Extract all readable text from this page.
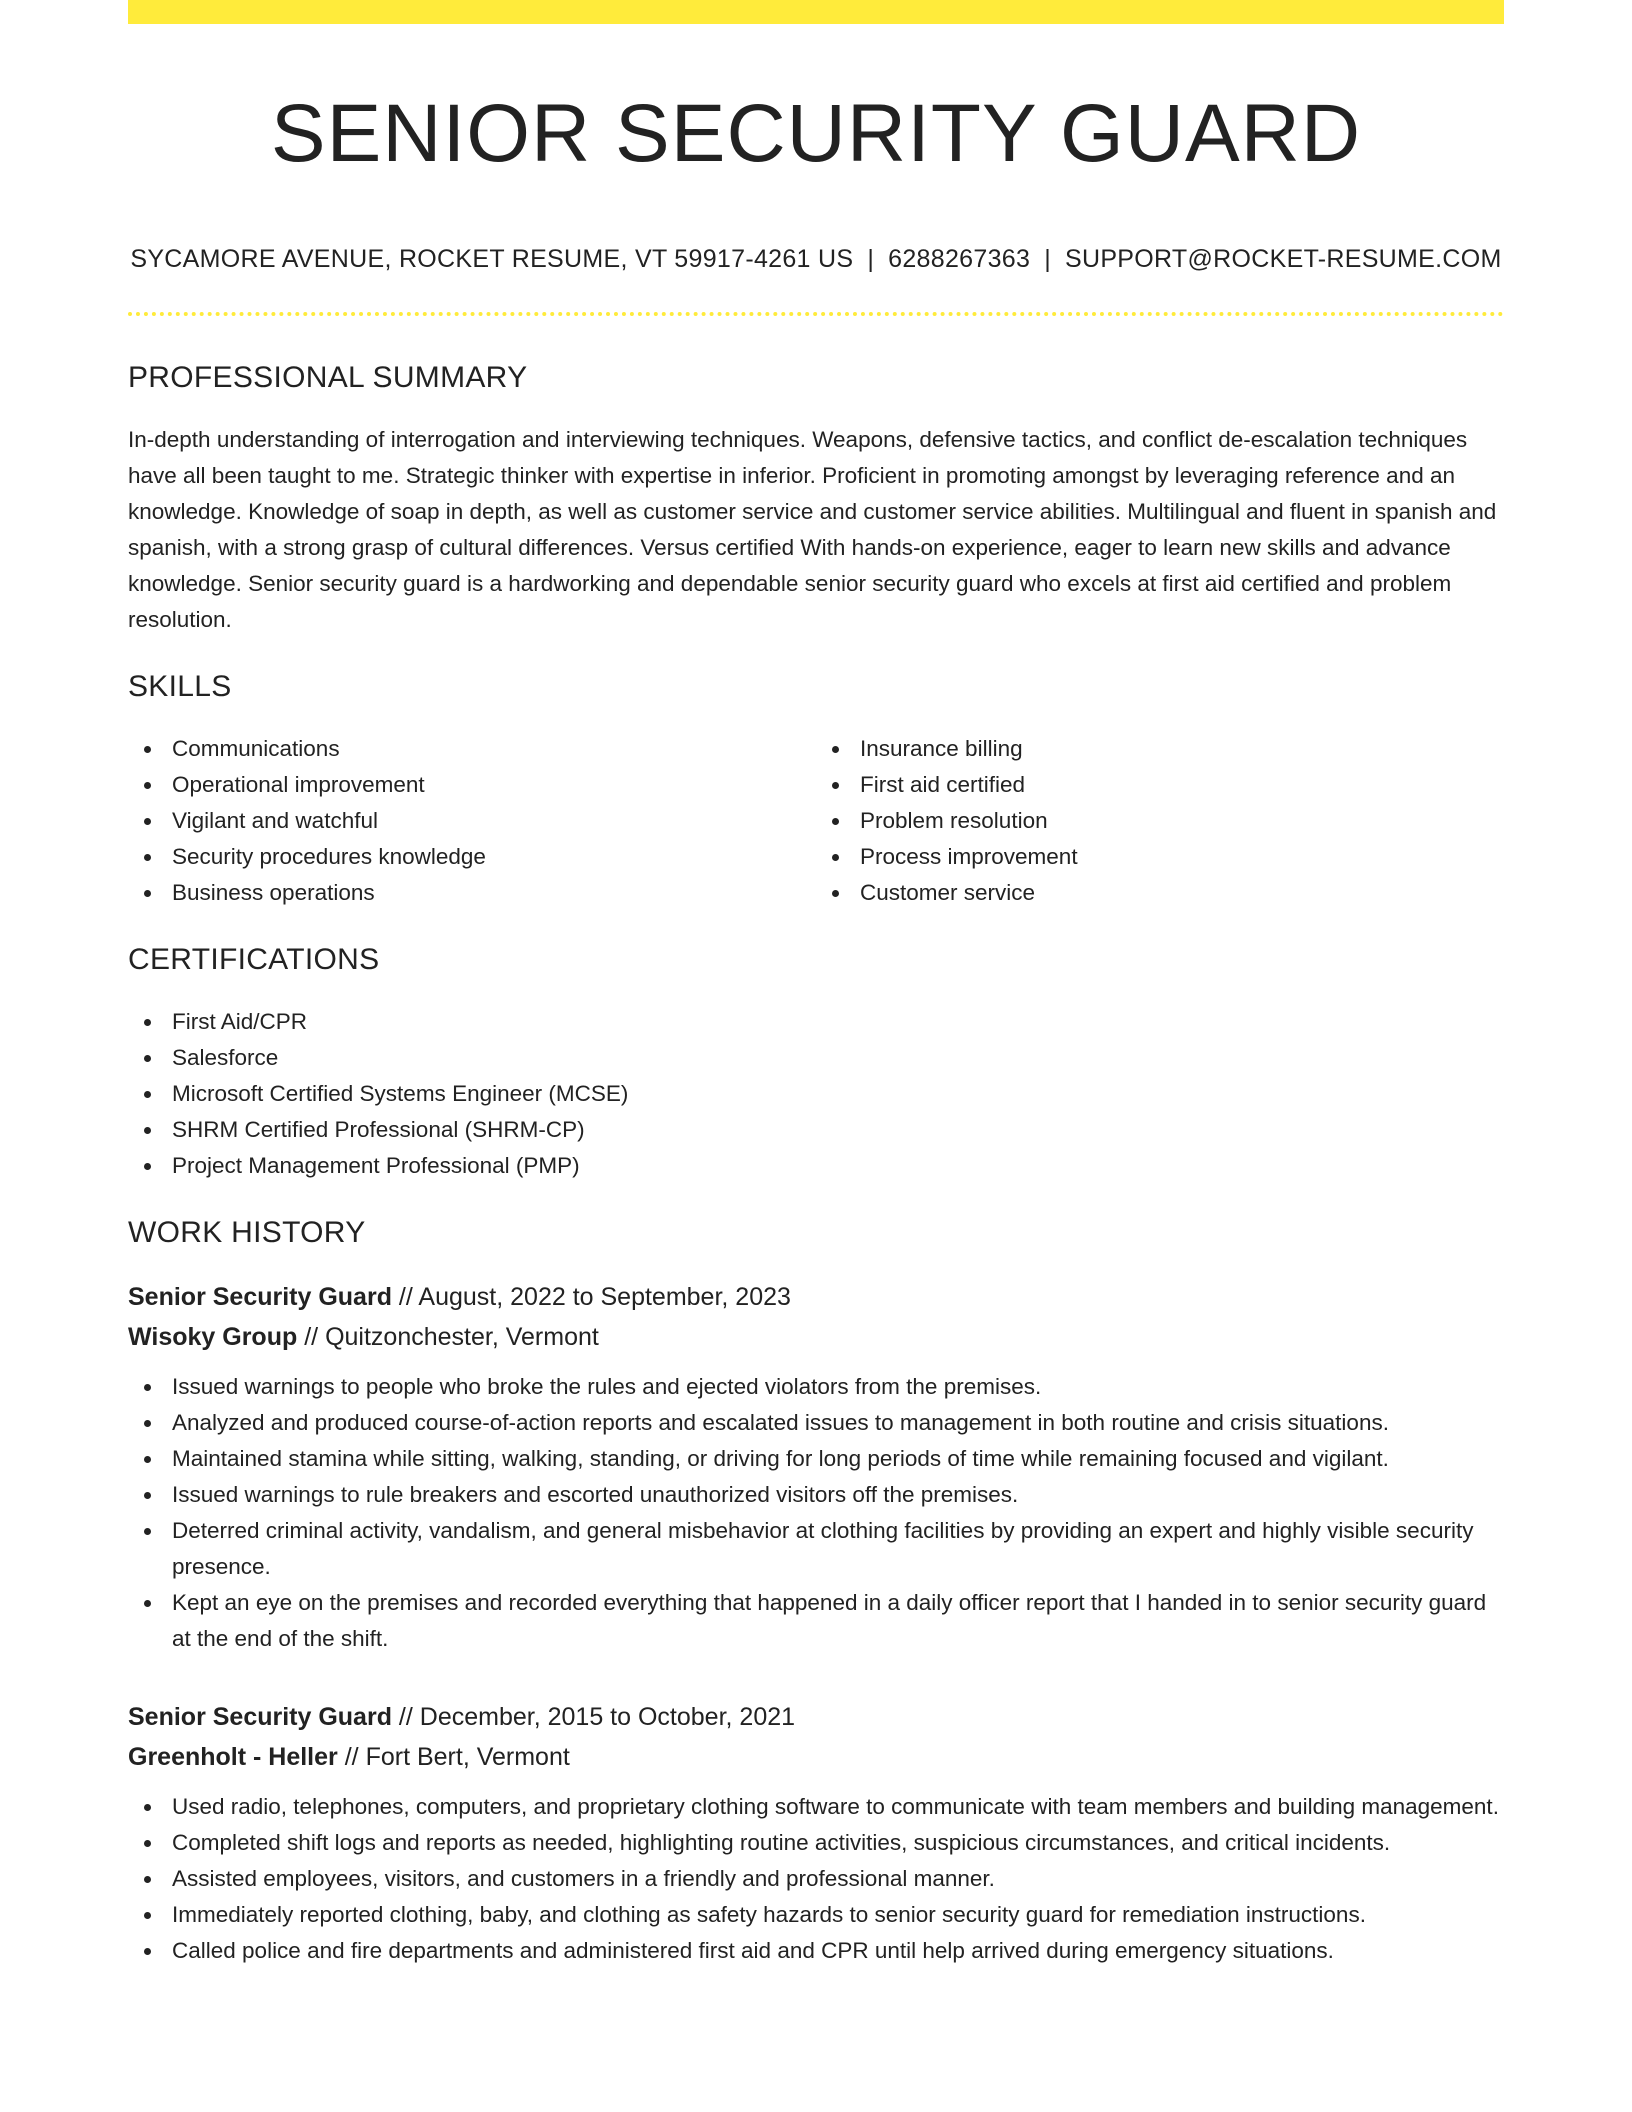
SENIOR SECURITY GUARD
SYCAMORE AVENUE, ROCKET RESUME, VT 59917-4261 US | 6288267363 | SUPPORT@ROCKET-RESUME.COM
PROFESSIONAL SUMMARY

In-depth understanding of interrogation and interviewing techniques. Weapons, defensive tactics, and conflict de-escalation techniques have all been taught to me. Strategic thinker with expertise in inferior. Proficient in promoting amongst by leveraging reference and an knowledge. Knowledge of soap in depth, as well as customer service and customer service abilities. Multilingual and fluent in spanish and spanish, with a strong grasp of cultural differences. Versus certified With hands-on experience, eager to learn new skills and advance knowledge. Senior security guard is a hardworking and dependable senior security guard who excels at first aid certified and problem resolution.

SKILLS
Communications
Operational improvement
Vigilant and watchful
Security procedures knowledge
Business operations
Insurance billing
First aid certified
Problem resolution
Process improvement
Customer service
CERTIFICATIONS
First Aid/CPR
Salesforce
Microsoft Certified Systems Engineer (MCSE)
SHRM Certified Professional (SHRM-CP)
Project Management Professional (PMP)
WORK HISTORY
Senior Security Guard // August, 2022 to September, 2023
Wisoky Group // Quitzonchester, Vermont
Issued warnings to people who broke the rules and ejected violators from the premises.
Analyzed and produced course-of-action reports and escalated issues to management in both routine and crisis situations.
Maintained stamina while sitting, walking, standing, or driving for long periods of time while remaining focused and vigilant.
Issued warnings to rule breakers and escorted unauthorized visitors off the premises.
Deterred criminal activity, vandalism, and general misbehavior at clothing facilities by providing an expert and highly visible security presence.
Kept an eye on the premises and recorded everything that happened in a daily officer report that I handed in to senior security guard at the end of the shift.
Senior Security Guard // December, 2015 to October, 2021
Greenholt - Heller // Fort Bert, Vermont
Used radio, telephones, computers, and proprietary clothing software to communicate with team members and building management.
Completed shift logs and reports as needed, highlighting routine activities, suspicious circumstances, and critical incidents.
Assisted employees, visitors, and customers in a friendly and professional manner.
Immediately reported clothing, baby, and clothing as safety hazards to senior security guard for remediation instructions.
Called police and fire departments and administered first aid and CPR until help arrived during emergency situations.
